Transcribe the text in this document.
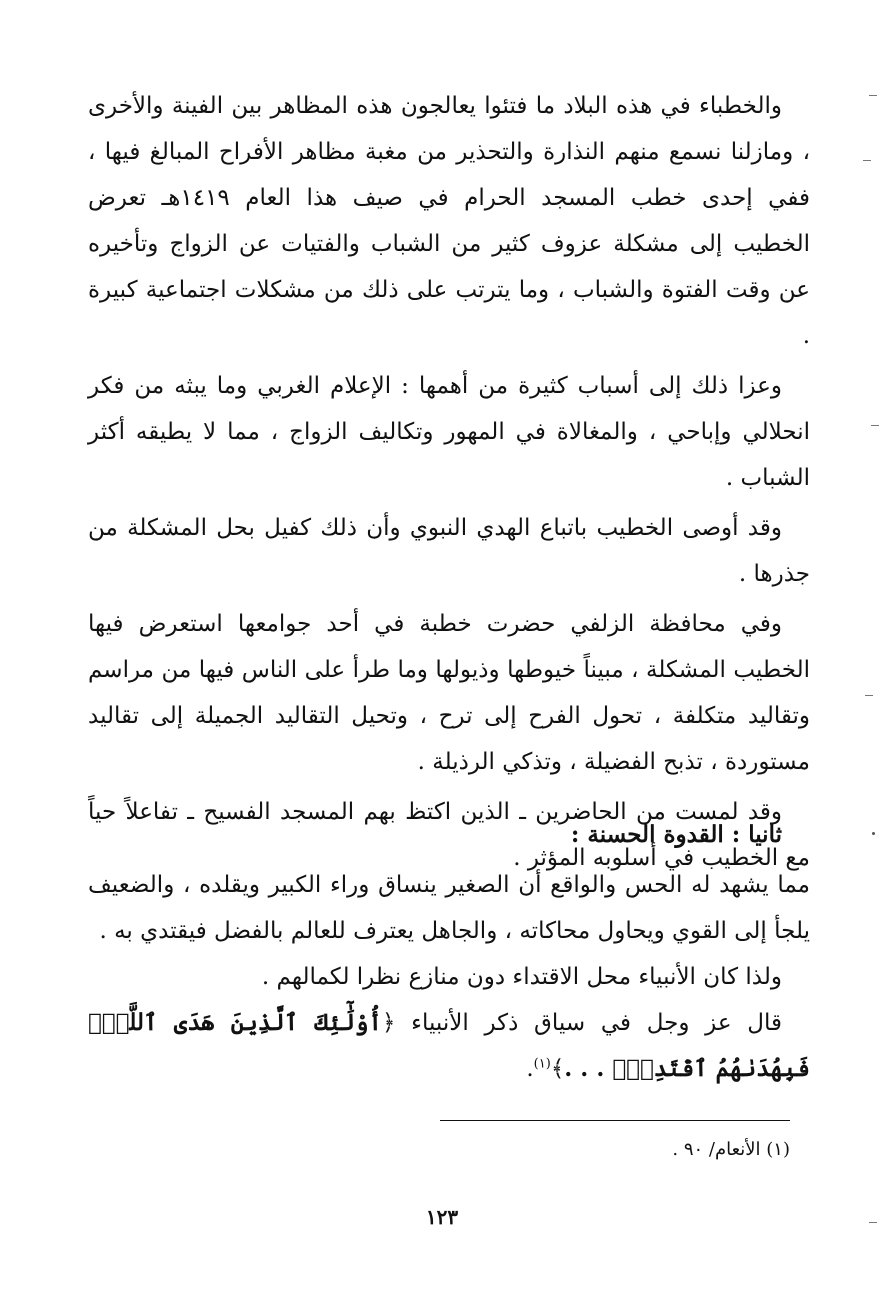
والخطباء في هذه البلاد ما فتئوا يعالجون هذه المظاهر بين الفينة والأخرى ، ومازلنا نسمع منهم النذارة والتحذير من مغبة مظاهر الأفراح المبالغ فيها ، ففي إحدى خطب المسجد الحرام في صيف هذا العام ١٤١٩هـ تعرض الخطيب إلى مشكلة عزوف كثير من الشباب والفتيات عن الزواج وتأخيره عن وقت الفتوة والشباب ، وما يترتب على ذلك من مشكلات اجتماعية كبيرة .

وعزا ذلك إلى أسباب كثيرة من أهمها : الإعلام الغربي وما يبثه من فكر انحلالي وإباحي ، والمغالاة في المهور وتكاليف الزواج ، مما لا يطيقه أكثر الشباب .

وقد أوصى الخطيب باتباع الهدي النبوي وأن ذلك كفيل بحل المشكلة من جذرها .

وفي محافظة الزلفي حضرت خطبة في أحد جوامعها استعرض فيها الخطيب المشكلة ، مبيناً خيوطها وذيولها وما طرأ على الناس فيها من مراسم وتقاليد متكلفة ، تحول الفرح إلى ترح ، وتحيل التقاليد الجميلة إلى تقاليد مستوردة ، تذبح الفضيلة ، وتذكي الرذيلة .

وقد لمست من الحاضرين ـ الذين اكتظ بهم المسجد الفسيح ـ تفاعلاً حياً مع الخطيب في أسلوبه المؤثر .

ثانيا : القدوة الحسنة :

مما يشهد له الحس والواقع أن الصغير ينساق وراء الكبير ويقلده ، والضعيف يلجأ إلى القوي ويحاول محاكاته ، والجاهل يعترف للعالم بالفضل فيقتدي به .

ولذا كان الأنبياء محل الاقتداء دون منازع نظرا لكمالهم .

قال عز وجل في سياق ذكر الأنبياء ﴿أُوْلَٰٓئِكَ ٱلَّذِينَ هَدَى ٱللَّهُۖ فَبِهُدَىٰهُمُ ٱقْتَدِهْۗ . . .﴾$^{(١)}$.

(١) الأنعام/ ٩٠ .
١٢٣
